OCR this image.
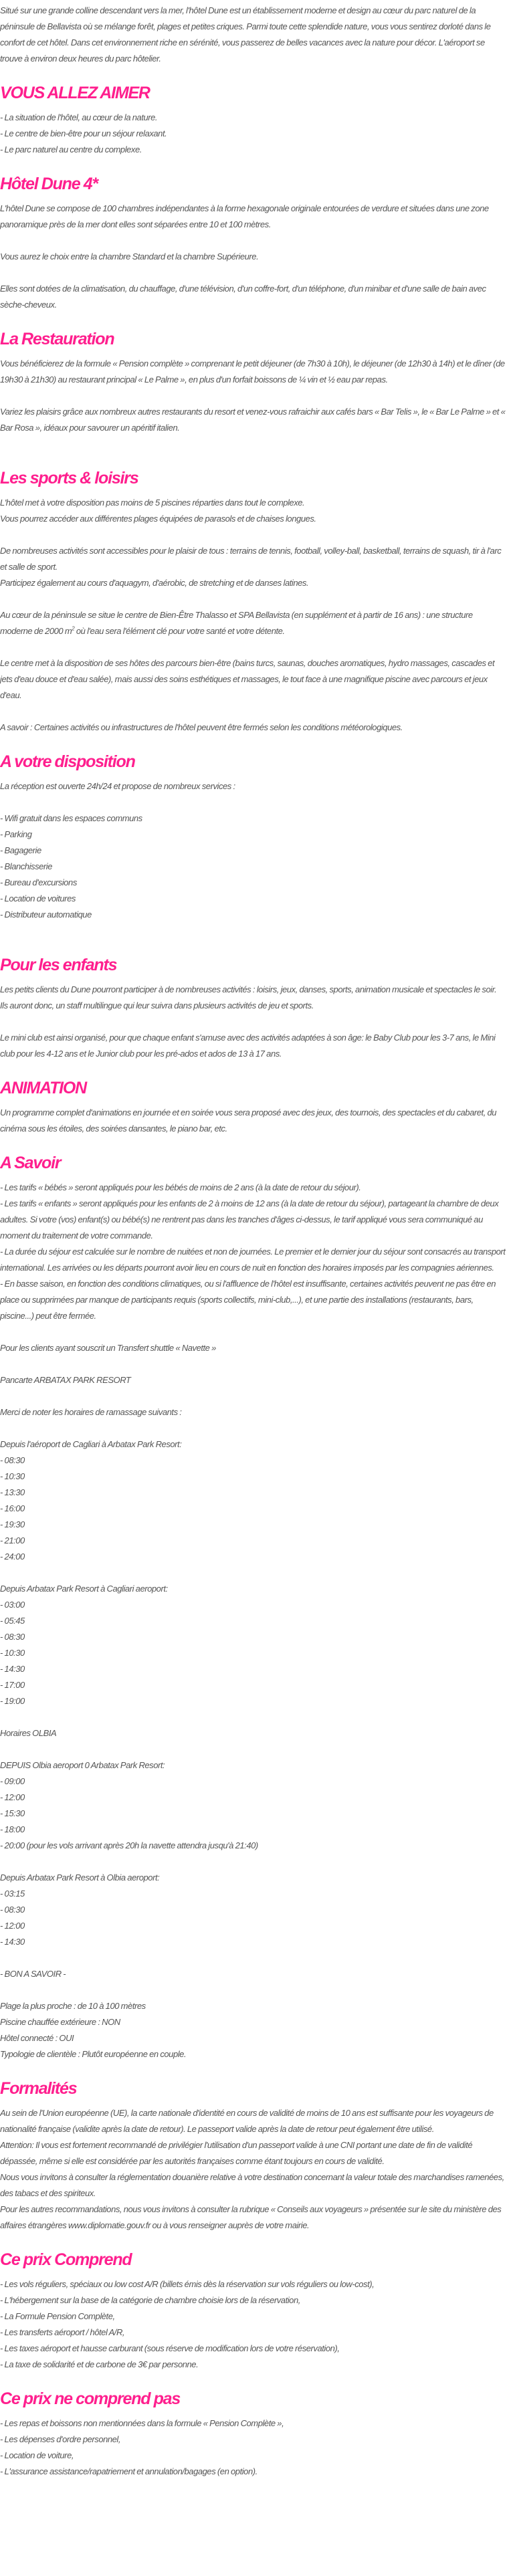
Situé sur une grande colline descendant vers la mer, l'hôtel Dune est un établissement moderne et design au cœur du parc naturel de la péninsule de Bellavista où se mélange forêt, plages et petites criques. Parmi toute cette splendide nature, vous vous sentirez dorloté dans le confort de cet hôtel. Dans cet environnement riche en sérénité, vous passerez de belles vacances avec la nature pour décor. L'aéroport se trouve à environ deux heures du parc hôtelier.

VOUS ALLEZ AIMER
- La situation de l'hôtel, au cœur de la nature.
- Le centre de bien-être pour un séjour relaxant.
- Le parc naturel au centre du complexe.
Hôtel Dune 4*

L'hôtel Dune se compose de 100 chambres indépendantes à la forme hexagonale originale entourées de verdure et situées dans une zone panoramique près de la mer dont elles sont séparées entre 10 et 100 mètres.

Vous aurez le choix entre la chambre Standard et la chambre Supérieure.

Elles sont dotées de la climatisation, du chauffage, d'une télévision, d'un coffre-fort, d'un téléphone, d'un minibar et d'une salle de bain avec sèche-cheveux.

La Restauration

Vous bénéficierez de la formule « Pension complète » comprenant le petit déjeuner (de 7h30 à 10h), le déjeuner (de 12h30 à 14h) et le dîner (de 19h30 à 21h30) au restaurant principal « Le Palme », en plus d'un forfait boissons de ¼ vin et ½ eau par repas.

Variez les plaisirs grâce aux nombreux autres restaurants du resort et venez-vous rafraichir aux cafés bars « Bar Telis », le « Bar Le Palme » et « Bar Rosa », idéaux pour savourer un apéritif italien.

Les sports & loisirs
L'hôtel met à votre disposition pas moins de 5 piscines réparties dans tout le complexe.
Vous pourrez accéder aux différentes plages équipées de parasols et de chaises longues.

De nombreuses activités sont accessibles pour le plaisir de tous : terrains de tennis, football, volley-ball, basketball, terrains de squash, tir à l'arc et salle de sport.

Participez également au cours d'aquagym, d'aérobic, de stretching et de danses latines.

Au cœur de la péninsule se situe le centre de Bien-Être Thalasso et SPA Bellavista (en supplément et à partir de 16 ans) : une structure moderne de 2000 $m^2$ où l'eau sera l'élément clé pour votre santé et votre détente.

Le centre met à la disposition de ses hôtes des parcours bien-être (bains turcs, saunas, douches aromatiques, hydro massages, cascades et jets d'eau douce et d'eau salée), mais aussi des soins esthétiques et massages, le tout face à une magnifique piscine avec parcours et jeux d'eau.

A savoir : Certaines activités ou infrastructures de l'hôtel peuvent être fermés selon les conditions météorologiques.

A votre disposition

La réception est ouverte 24h/24 et propose de nombreux services :

- Wifi gratuit dans les espaces communs
- Parking
- Bagagerie
- Blanchisserie
- Bureau d'excursions
- Location de voitures
- Distributeur automatique
Pour les enfants

Les petits clients du Dune pourront participer à de nombreuses activités : loisirs, jeux, danses, sports, animation musicale et spectacles le soir. Ils auront donc, un staff multilingue qui leur suivra dans plusieurs activités de jeu et sports.

Le mini club est ainsi organisé, pour que chaque enfant s'amuse avec des activités adaptées à son âge: le Baby Club pour les 3-7 ans, le Mini club pour les 4-12 ans et le Junior club pour les pré-ados et ados de 13 à 17 ans.

ANIMATION

Un programme complet d'animations en journée et en soirée vous sera proposé avec des jeux, des tournois, des spectacles et du cabaret, du cinéma sous les étoiles, des soirées dansantes, le piano bar, etc.

A Savoir

- Les tarifs « bébés » seront appliqués pour les bébés de moins de 2 ans (à la date de retour du séjour).

- Les tarifs « enfants » seront appliqués pour les enfants de 2 à moins de 12 ans (à la date de retour du séjour), partageant la chambre de deux adultes. Si votre (vos) enfant(s) ou bébé(s) ne rentrent pas dans les tranches d'âges ci-dessus, le tarif appliqué vous sera communiqué au moment du traitement de votre commande.

- La durée du séjour est calculée sur le nombre de nuitées et non de journées. Le premier et le dernier jour du séjour sont consacrés au transport international. Les arrivées ou les départs pourront avoir lieu en cours de nuit en fonction des horaires imposés par les compagnies aériennes.

- En basse saison, en fonction des conditions climatiques, ou si l'affluence de l'hôtel est insuffisante, certaines activités peuvent ne pas être en place ou supprimées par manque de participants requis (sports collectifs, mini-club,...), et une partie des installations (restaurants, bars, piscine...) peut être fermée.

Pour les clients ayant souscrit un Transfert shuttle « Navette »

Pancarte ARBATAX PARK RESORT

Merci de noter les horaires de ramassage suivants :

Depuis l'aéroport de Cagliari à Arbatax Park Resort:
- 08:30
- 10:30
- 13:30
- 16:00
- 19:30
- 21:00
- 24:00
Depuis Arbatax Park Resort à Cagliari aeroport:
- 03:00
- 05:45
- 08:30
- 10:30
- 14:30
- 17:00
- 19:00

Horaires OLBIA

DEPUIS Olbia aeroport 0 Arbatax Park Resort:
- 09:00
- 12:00
- 15:30
- 18:00
- 20:00 (pour les vols arrivant après 20h la navette attendra jusqu'à 21:40)
Depuis Arbatax Park Resort à Olbia aeroport:
- 03:15
- 08:30
- 12:00
- 14:30

- BON A SAVOIR -

Plage la plus proche : de 10 à 100 mètres
Piscine chauffée extérieure : NON
Hôtel connecté : OUI
Typologie de clientèle : Plutôt européenne en couple.
Formalités

Au sein de l'Union européenne (UE), la carte nationale d'identité en cours de validité de moins de 10 ans est suffisante pour les voyageurs de nationalité française (validite après la date de retour). Le passeport valide après la date de retour peut également être utilisé.

Attention: Il vous est fortement recommandé de privilégier l'utilisation d'un passeport valide à une CNI portant une date de fin de validité dépassée, même si elle est considérée par les autorités françaises comme étant toujours en cours de validité.

Nous vous invitons à consulter la réglementation douanière relative à votre destination concernant la valeur totale des marchandises ramenées, des tabacs et des spiriteux.

Pour les autres recommandations, nous vous invitons à consulter la rubrique « Conseils aux voyageurs » présentée sur le site du ministère des affaires étrangères www.diplomatie.gouv.fr ou à vous renseigner auprès de votre mairie.

Ce prix Comprend
- Les vols réguliers, spéciaux ou low cost A/R (billets émis dès la réservation sur vols réguliers ou low-cost),
- L'hébergement sur la base de la catégorie de chambre choisie lors de la réservation,
- La Formule Pension Complète,
- Les transferts aéroport / hôtel A/R,
- Les taxes aéroport et hausse carburant (sous réserve de modification lors de votre réservation),
- La taxe de solidarité et de carbone de 3€ par personne.
Ce prix ne comprend pas
- Les repas et boissons non mentionnées dans la formule « Pension Complète »,
- Les dépenses d'ordre personnel,
- Location de voiture,
- L'assurance assistance/rapatriement et annulation/bagages (en option).
